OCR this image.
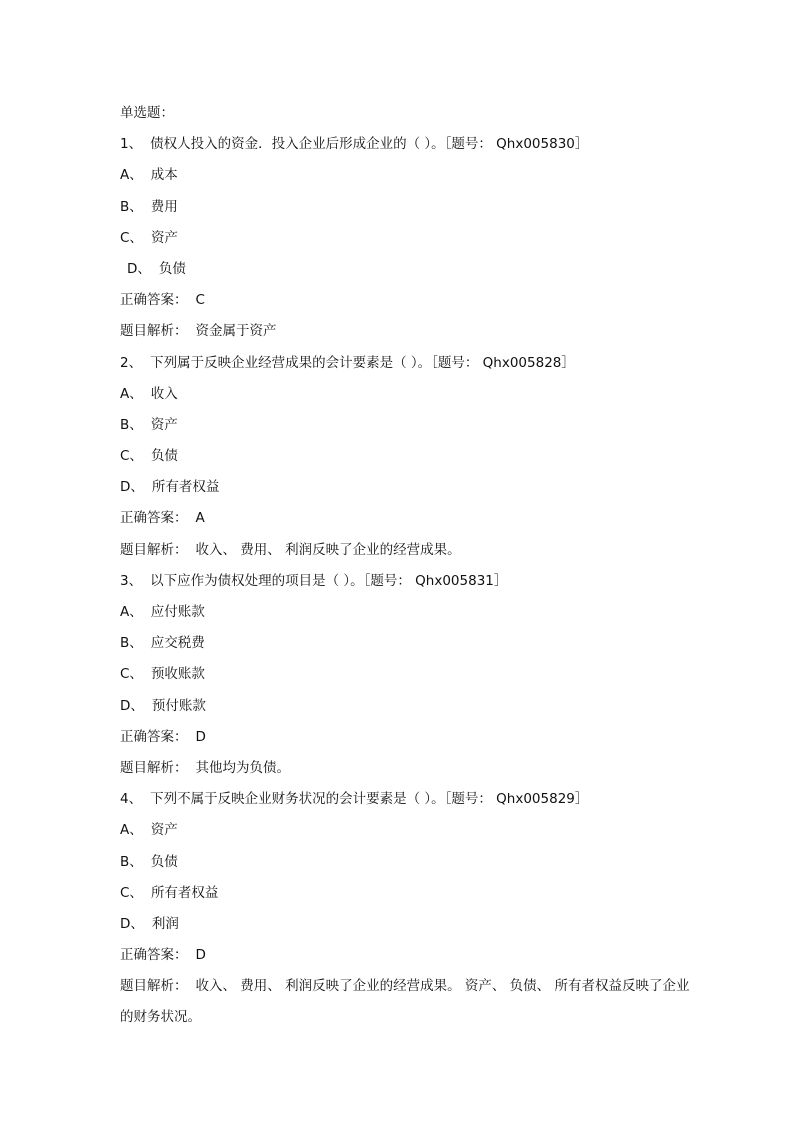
单选题：
1、 债权人投入的资金．投入企业后形成企业的（ ）。［题号： Qhx005830］
A、 成本
B、 费用
C、 资产
D、 负债
正确答案： C
题目解析： 资金属于资产
2、 下列属于反映企业经营成果的会计要素是（ ）。［题号： Qhx005828］
A、 收入
B、 资产
C、 负债
D、 所有者权益
正确答案： A
题目解析： 收入、 费用、 利润反映了企业的经营成果。
3、 以下应作为债权处理的项目是（ ）。［题号： Qhx005831］
A、 应付账款
B、 应交税费
C、 预收账款
D、 预付账款
正确答案： D
题目解析： 其他均为负债。
4、 下列不属于反映企业财务状况的会计要素是（ ）。［题号： Qhx005829］
A、 资产
B、 负债
C、 所有者权益
D、 利润
正确答案： D
题目解析： 收入、 费用、 利润反映了企业的经营成果。 资产、 负债、 所有者权益反映了企业的财务状况。
